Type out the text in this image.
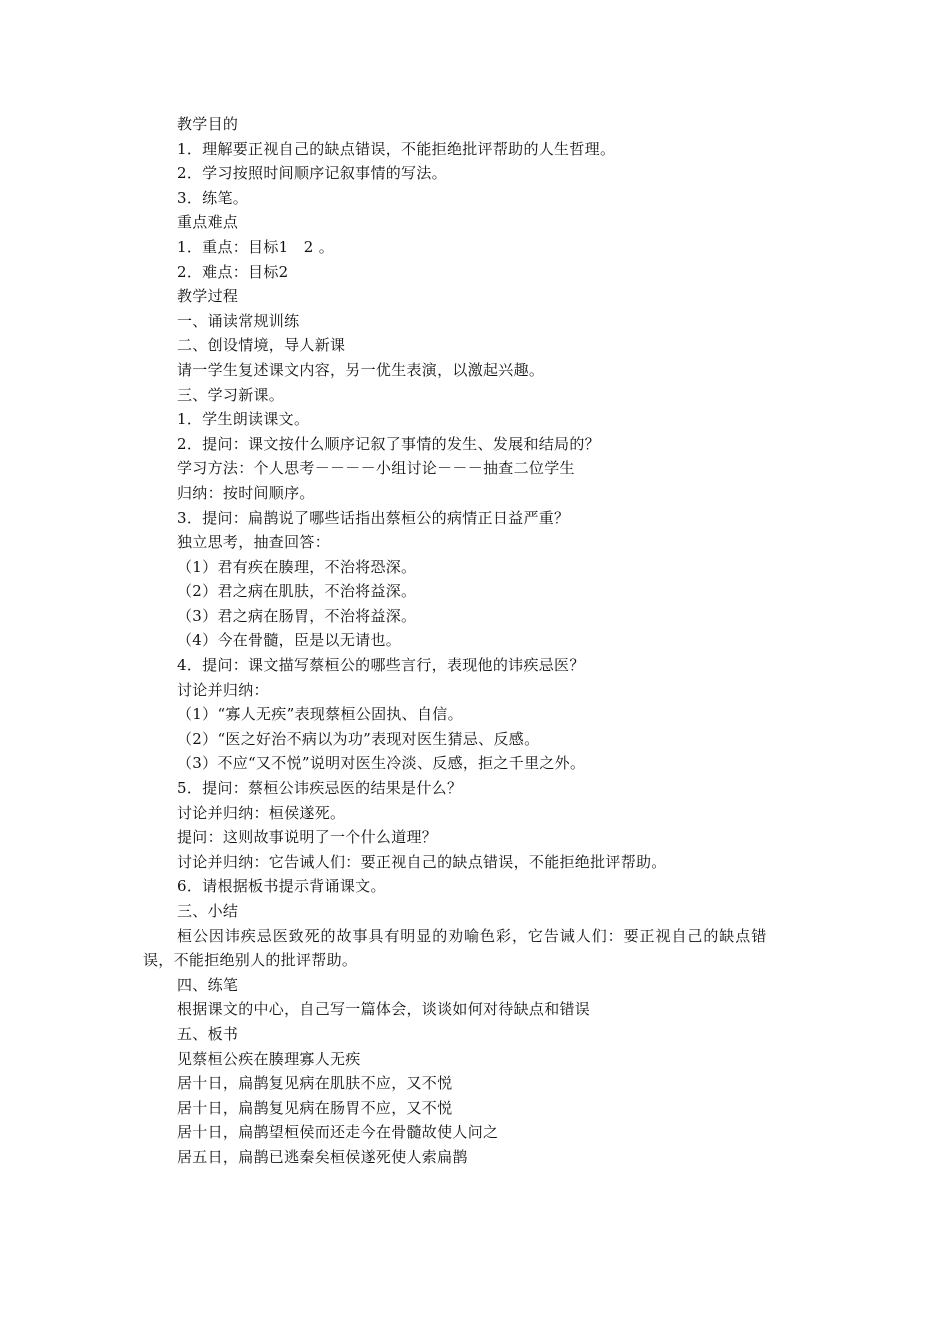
教学目的
1．理解要正视自己的缺点错误，不能拒绝批评帮助的人生哲理。
2．学习按照时间顺序记叙事情的写法。
3．练笔。
重点难点
1．重点：目标1　2 。
2．难点：目标2
教学过程
一、诵读常规训练
二、创设情境，导人新课
请一学生复述课文内容，另一优生表演，以激起兴趣。
三、学习新课。
1．学生朗读课文。
2．提问：课文按什么顺序记叙了事情的发生、发展和结局的？
学习方法：个人思考－－－－小组讨论－－－抽查二位学生
归纳：按时间顺序。
3．提问：扁鹊说了哪些话指出蔡桓公的病情正日益严重？
独立思考，抽查回答：
（1）君有疾在腠理，不治将恐深。
（2）君之病在肌肤，不治将益深。
（3）君之病在肠胃，不治将益深。
（4）今在骨髓，臣是以无请也。
4．提问：课文描写蔡桓公的哪些言行，表现他的讳疾忌医？
讨论并归纳：
（1）“寡人无疾”表现蔡桓公固执、自信。
（2）“医之好治不病以为功”表现对医生猜忌、反感。
（3）不应“又不悦”说明对医生冷淡、反感，拒之千里之外。
5．提问：蔡桓公讳疾忌医的结果是什么？
讨论并归纳：桓侯遂死。
提问：这则故事说明了一个什么道理？
讨论并归纳：它告诫人们：要正视自己的缺点错误，不能拒绝批评帮助。
6．请根据板书提示背诵课文。
三、小结
桓公因讳疾忌医致死的故事具有明显的劝喻色彩，它告诫人们：要正视自己的缺点错
误，不能拒绝别人的批评帮助。
四、练笔
根据课文的中心，自己写一篇体会，谈谈如何对待缺点和错误
五、板书
见蔡桓公疾在腠理寡人无疾
居十日，扁鹊复见病在肌肤不应，又不悦
居十日，扁鹊复见病在肠胃不应，又不悦
居十日，扁鹊望桓侯而还走今在骨髓故使人问之
居五日，扁鹊已逃秦矣桓侯遂死使人索扁鹊
